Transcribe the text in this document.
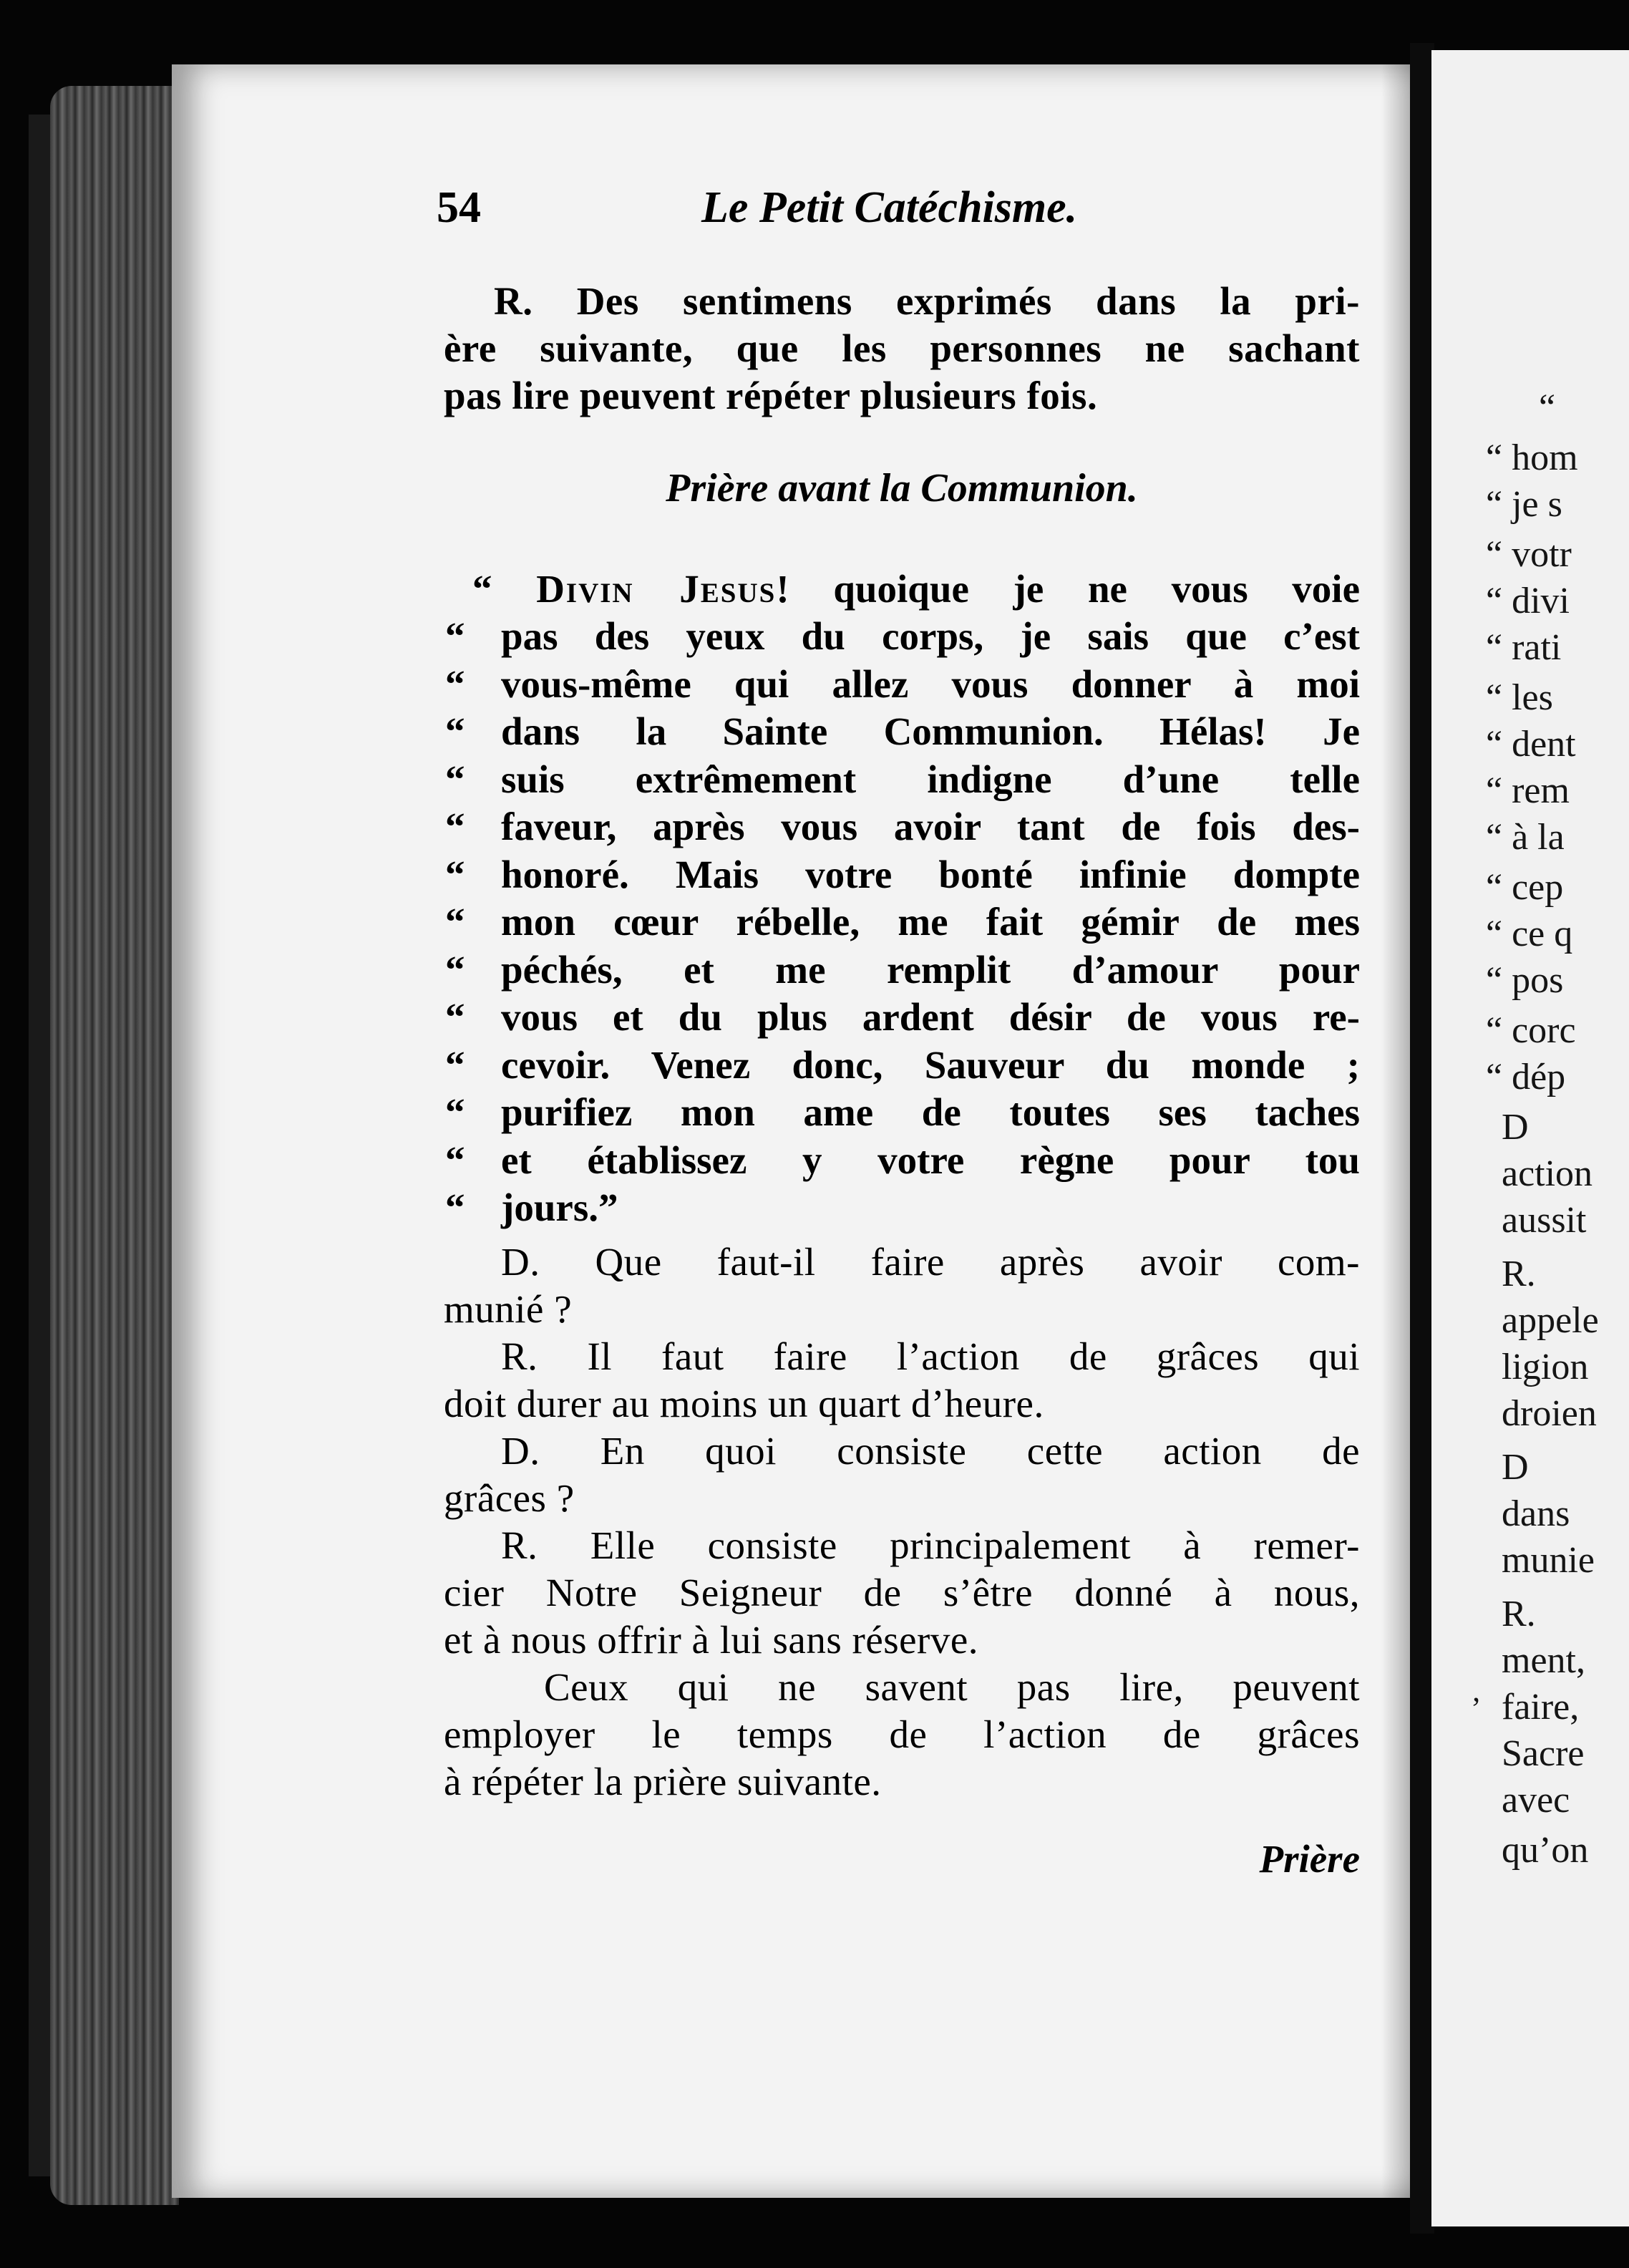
54	Le Petit Catéchisme.
Prière avant la Communion.
“ Divin Jesus! quoique je ne vous voie
Prière
‚
R. Des sentimens exprimés dans la pri-
ère suivante, que les personnes ne sachant
pas lire peuvent répéter plusieurs fois.
“ pas des yeux du corps, je sais que c’est
“ vous-même qui allez vous donner à moi
“ dans la Sainte Communion. Hélas! Je
“ suis extrêmement indigne d’une telle
“ faveur, après vous avoir tant de fois des-
“ honoré. Mais votre bonté infinie dompte
“ mon cœur rébelle, me fait gémir de mes
“ péchés, et me remplit d’amour pour
“ vous et du plus ardent désir de vous re-
“ cevoir. Venez donc, Sauveur du monde ;
“ purifiez mon ame de toutes ses taches
“ et établissez y votre règne pour tou
“ jours.”
D. Que faut-il faire après avoir com-
munié ?
R. Il faut faire l’action de grâces qui
doit durer au moins un quart d’heure.
D. En quoi consiste cette action de
grâces ?
R. Elle consiste principalement à remer-
cier Notre Seigneur de s’être donné à nous,
et à nous offrir à lui sans réserve.
Ceux qui ne savent pas lire, peuvent
employer le temps de l’action de grâces
à répéter la prière suivante.
“
“ hom
“ je s
“ votr
“ divi
“ rati
“ les
“ dent
“ rem
“ à la
“ cep
“ ce q
“ pos
“ corc
“ dép
D
action
aussit
R.
appele
ligion
droien
D
dans
munie
R.
ment,
faire,
Sacre
avec
qu’on
